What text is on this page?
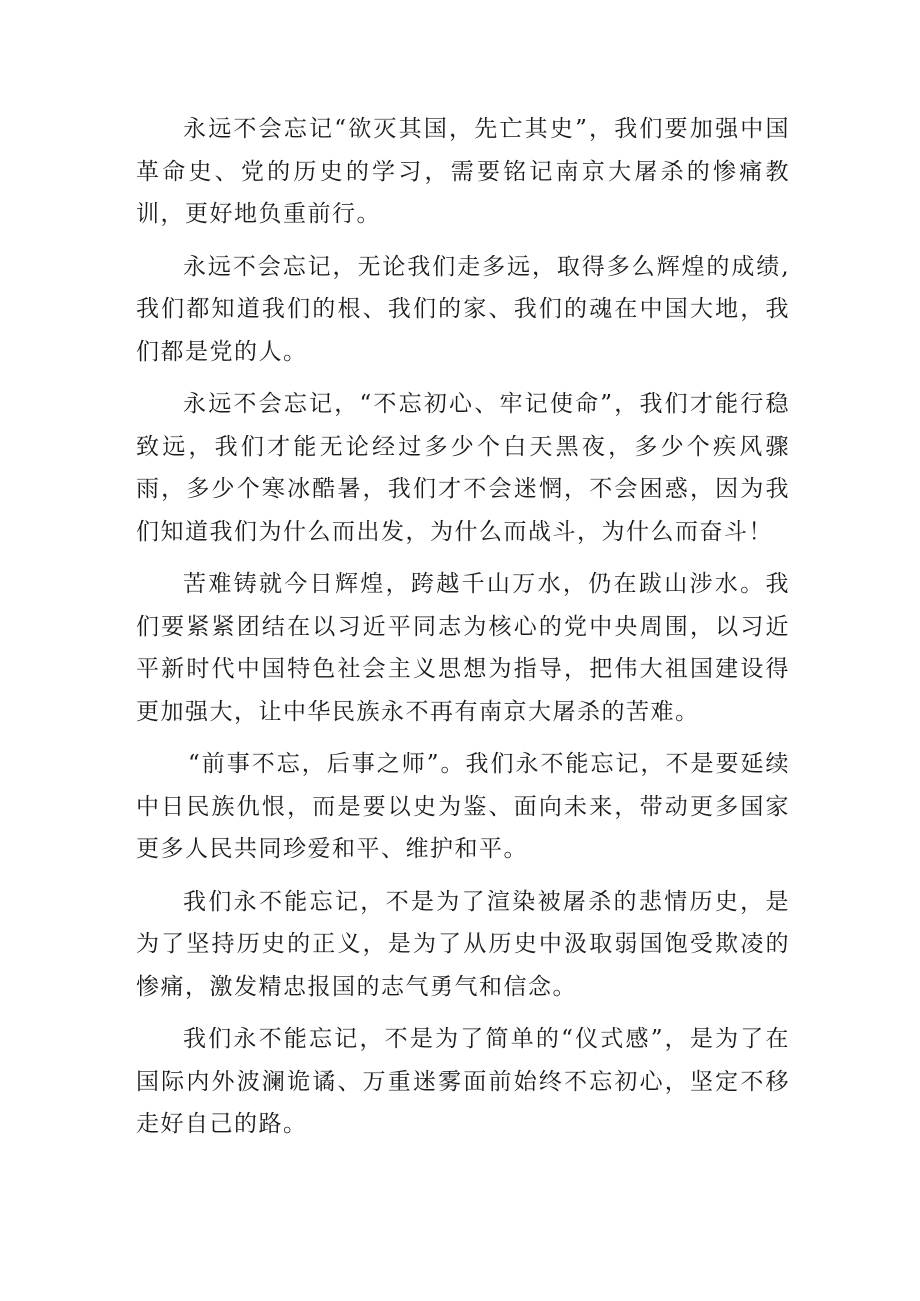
永远不会忘记“欲灭其国，先亡其史”，我们要加强中国革命史、党的历史的学习，需要铭记南京大屠杀的惨痛教训，更好地负重前行。

永远不会忘记，无论我们走多远，取得多么辉煌的成绩,我们都知道我们的根、我们的家、我们的魂在中国大地，我们都是党的人。

永远不会忘记，“不忘初心、牢记使命”，我们才能行稳致远，我们才能无论经过多少个白天黑夜，多少个疾风骤雨，多少个寒冰酷暑，我们才不会迷惘，不会困惑，因为我们知道我们为什么而出发，为什么而战斗，为什么而奋斗！

苦难铸就今日辉煌，跨越千山万水，仍在跋山涉水。我们要紧紧团结在以习近平同志为核心的党中央周围，以习近平新时代中国特色社会主义思想为指导，把伟大祖国建设得更加强大，让中华民族永不再有南京大屠杀的苦难。

“前事不忘，后事之师”。我们永不能忘记，不是要延续中日民族仇恨，而是要以史为鉴、面向未来，带动更多国家更多人民共同珍爱和平、维护和平。

我们永不能忘记，不是为了渲染被屠杀的悲情历史，是为了坚持历史的正义，是为了从历史中汲取弱国饱受欺凌的惨痛，激发精忠报国的志气勇气和信念。

我们永不能忘记，不是为了简单的“仪式感”，是为了在国际内外波澜诡谲、万重迷雾面前始终不忘初心，坚定不移走好自己的路。
